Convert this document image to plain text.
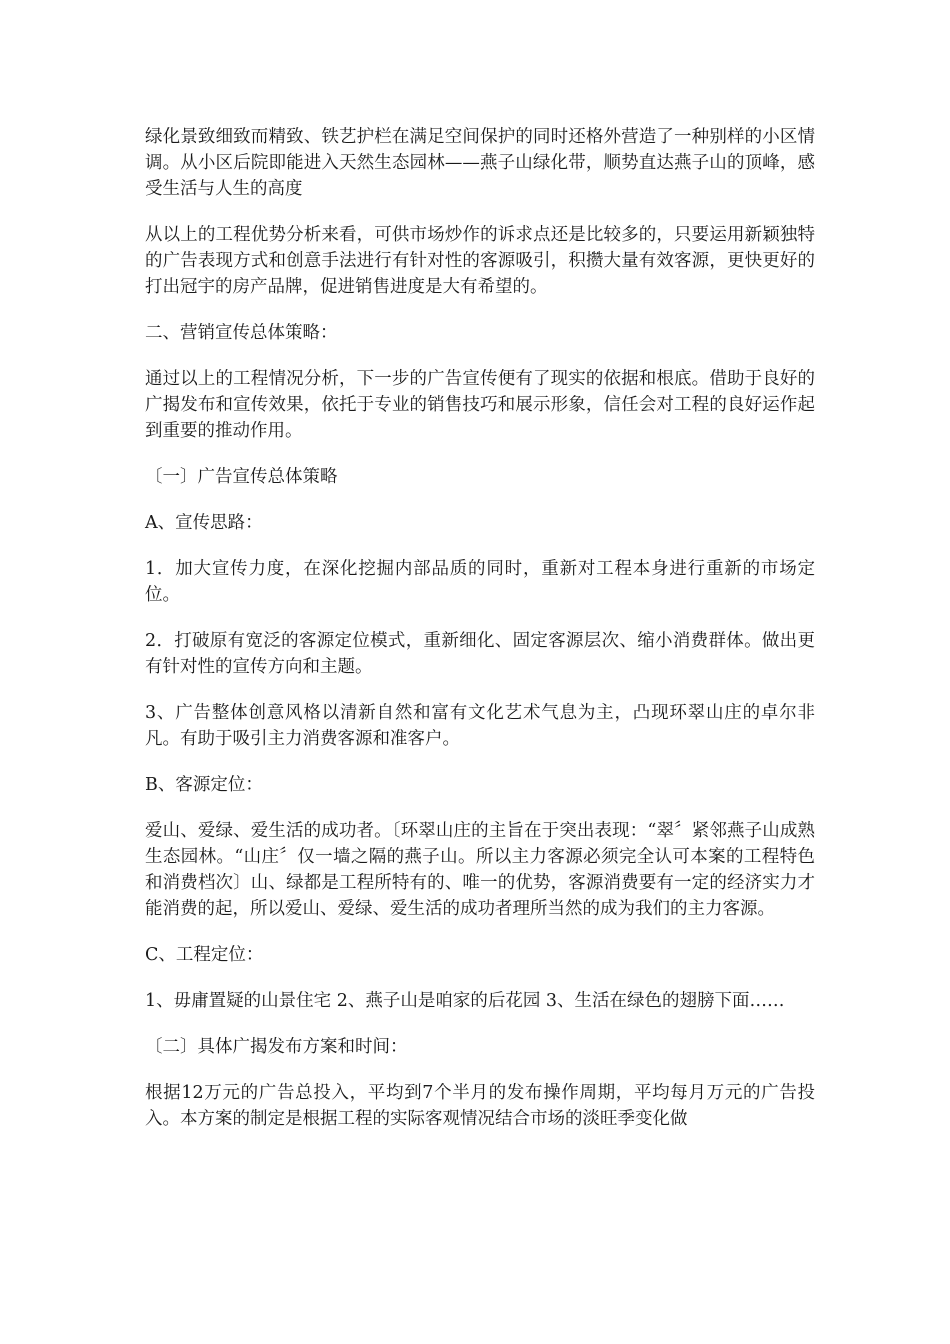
绿化景致细致而精致、铁艺护栏在满足空间保护的同时还格外营造了一种别样的小区情调。从小区后院即能进入天然生态园林——燕子山绿化带，顺势直达燕子山的顶峰，感受生活与人生的高度

从以上的工程优势分析来看，可供市场炒作的诉求点还是比较多的，只要运用新颖独特的广告表现方式和创意手法进行有针对性的客源吸引，积攒大量有效客源，更快更好的打出冠宇的房产品牌，促进销售进度是大有希望的。

二、营销宣传总体策略：

通过以上的工程情况分析，下一步的广告宣传便有了现实的依据和根底。借助于良好的广揭发布和宣传效果，依托于专业的销售技巧和展示形象，信任会对工程的良好运作起到重要的推动作用。

〔一〕广告宣传总体策略

A、宣传思路：

1．加大宣传力度，在深化挖掘内部品质的同时，重新对工程本身进行重新的市场定位。

2．打破原有宽泛的客源定位模式，重新细化、固定客源层次、缩小消费群体。做出更有针对性的宣传方向和主题。

3、广告整体创意风格以清新自然和富有文化艺术气息为主，凸现环翠山庄的卓尔非凡。有助于吸引主力消费客源和准客户。

B、客源定位：

爱山、爱绿、爱生活的成功者。〔环翠山庄的主旨在于突出表现：“翠〞紧邻燕子山成熟生态园林。“山庄〞仅一墙之隔的燕子山。所以主力客源必须完全认可本案的工程特色和消费档次〕山、绿都是工程所特有的、唯一的优势，客源消费要有一定的经济实力才能消费的起，所以爱山、爱绿、爱生活的成功者理所当然的成为我们的主力客源。

C、工程定位：

1、毋庸置疑的山景住宅 2、燕子山是咱家的后花园 3、生活在绿色的翅膀下面……

〔二〕具体广揭发布方案和时间：

根据12万元的广告总投入，平均到7个半月的发布操作周期，平均每月万元的广告投入。本方案的制定是根据工程的实际客观情况结合市场的淡旺季变化做
